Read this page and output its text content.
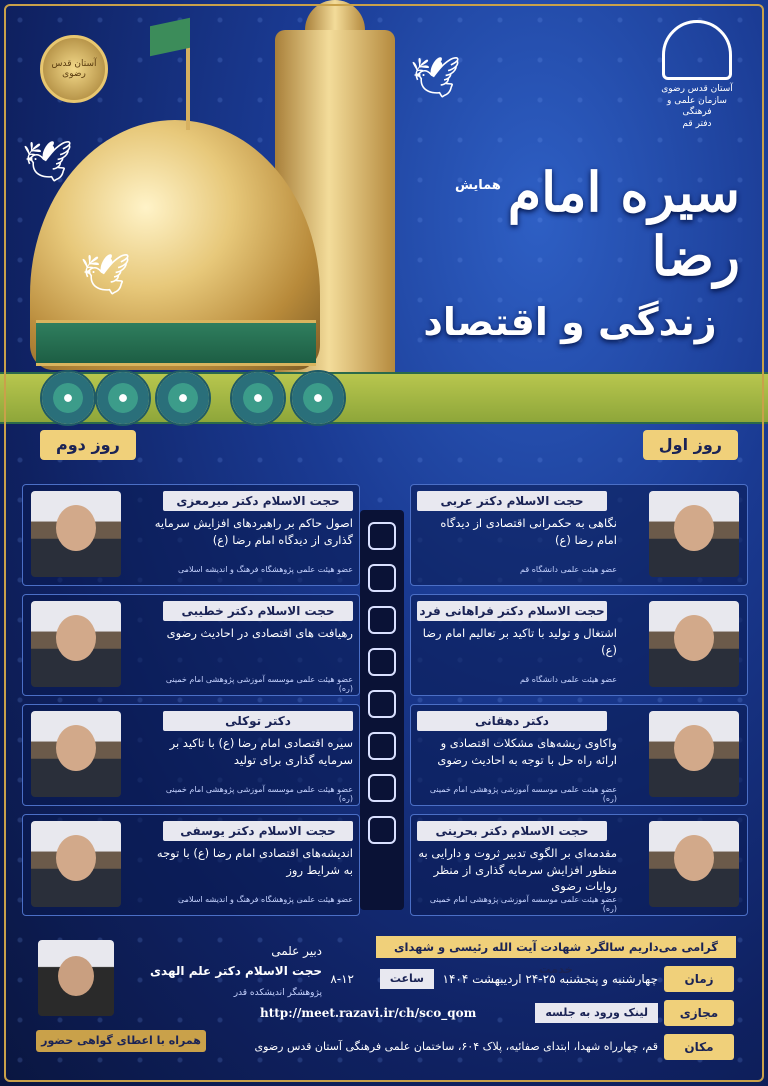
🕊
🕊
🕊
آستان قدس رضوی
آستان قدس رضوی
سازمان علمی و فرهنگی
دفتر قم
همایش سیره امام رضا
زندگی و اقتصاد
روز اول
روز دوم
حجت الاسلام دکتر عربی
نگاهی به حکمرانی اقتصادی از دیدگاه امام رضا (ع)
عضو هیئت علمی دانشگاه قم
حجت الاسلام دکتر فراهانی فرد
اشتغال و تولید با تاکید بر تعالیم امام رضا (ع)
عضو هیئت علمی دانشگاه قم
دکتر دهقانی
واکاوی ریشه‌های مشکلات اقتصادی و ارائه راه حل با توجه به احادیث رضوی
عضو هیئت علمی موسسه آموزشی پژوهشی امام خمینی (ره)
حجت الاسلام دکتر بحرینی
مقدمه‌ای بر الگوی تدبیر ثروت و دارایی به منظور افزایش سرمایه گذاری از منظر روایات رضوی
عضو هیئت علمی موسسه آموزشی پژوهشی امام خمینی (ره)
حجت الاسلام دکتر میرمعزی
اصول حاکم بر راهبردهای افزایش سرمایه گذاری از دیدگاه امام رضا (ع)
عضو هیئت علمی پژوهشگاه فرهنگ و اندیشه اسلامی
حجت الاسلام دکتر خطیبی
رهیافت های اقتصادی در احادیث رضوی
عضو هیئت علمی موسسه آموزشی پژوهشی امام خمینی (ره)
دکتر توکلی
سیره اقتصادی امام رضا (ع) با تاکید بر سرمایه گذاری برای تولید
عضو هیئت علمی موسسه آموزشی پژوهشی امام خمینی (ره)
حجت الاسلام دکتر یوسفی
اندیشه‌های اقتصادی امام رضا (ع) با توجه به شرایط روز
عضو هیئت علمی پژوهشگاه فرهنگ و اندیشه اسلامی
دبیر علمی
حجت الاسلام دکتر علم الهدی
پژوهشگر اندیشکده قدر
همراه با اعطای گواهی حضور
گرامی می‌داریم سالگرد شهادت آیت الله رئیسی و شهدای خدمت
زمان
چهارشنبه و پنجشنبه ۲۵-۲۴ اردیبهشت ۱۴۰۴
ساعت
۸-۱۲
مجازی
لینک ورود به جلسه
http://meet.razavi.ir/ch/sco_qom
مکان
قم، چهارراه شهدا، ابتدای صفائیه، پلاک ۶۰۴، ساختمان علمی فرهنگی آستان قدس رضوی
